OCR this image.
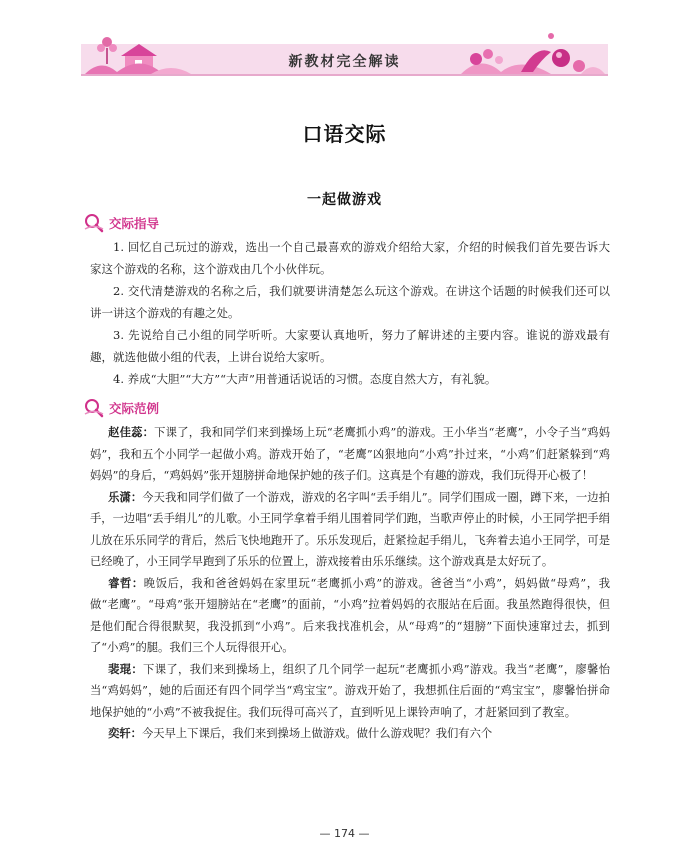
新教材完全解读
口语交际
一起做游戏
交际指导

1. 回忆自己玩过的游戏，选出一个自己最喜欢的游戏介绍给大家，介绍的时候我们首先要告诉大家这个游戏的名称，这个游戏由几个小伙伴玩。

2. 交代清楚游戏的名称之后，我们就要讲清楚怎么玩这个游戏。在讲这个话题的时候我们还可以讲一讲这个游戏的有趣之处。

3. 先说给自己小组的同学听听。大家要认真地听，努力了解讲述的主要内容。谁说的游戏最有趣，就选他做小组的代表，上讲台说给大家听。

4. 养成“大胆”“大方”“大声”用普通话说话的习惯。态度自然大方，有礼貌。

交际范例

赵佳蕊：下课了，我和同学们来到操场上玩“老鹰抓小鸡”的游戏。王小华当“老鹰”，小令子当“鸡妈妈”，我和五个小同学一起做小鸡。游戏开始了，“老鹰”凶狠地向“小鸡”扑过来，“小鸡”们赶紧躲到“鸡妈妈”的身后，“鸡妈妈”张开翅膀拼命地保护她的孩子们。这真是个有趣的游戏，我们玩得开心极了！

乐潇：今天我和同学们做了一个游戏，游戏的名字叫“丢手绢儿”。同学们围成一圈，蹲下来，一边拍手，一边唱“丢手绢儿”的儿歌。小王同学拿着手绢儿围着同学们跑，当歌声停止的时候，小王同学把手绢儿放在乐乐同学的背后，然后飞快地跑开了。乐乐发现后，赶紧捡起手绢儿，飞奔着去追小王同学，可是已经晚了，小王同学早跑到了乐乐的位置上，游戏接着由乐乐继续。这个游戏真是太好玩了。

睿哲：晚饭后，我和爸爸妈妈在家里玩“老鹰抓小鸡”的游戏。爸爸当“小鸡”，妈妈做“母鸡”，我做“老鹰”。“母鸡”张开翅膀站在“老鹰”的面前，“小鸡”拉着妈妈的衣服站在后面。我虽然跑得很快，但是他们配合得很默契，我没抓到“小鸡”。后来我找准机会，从“母鸡”的“翅膀”下面快速窜过去，抓到了“小鸡”的腿。我们三个人玩得很开心。

裴琨：下课了，我们来到操场上，组织了几个同学一起玩“老鹰抓小鸡”游戏。我当“老鹰”，廖馨怡当“鸡妈妈”，她的后面还有四个同学当“鸡宝宝”。游戏开始了，我想抓住后面的“鸡宝宝”，廖馨怡拼命地保护她的“小鸡”不被我捉住。我们玩得可高兴了，直到听见上课铃声响了，才赶紧回到了教室。

奕轩：今天早上下课后，我们来到操场上做游戏。做什么游戏呢？我们有六个

— 174 —
